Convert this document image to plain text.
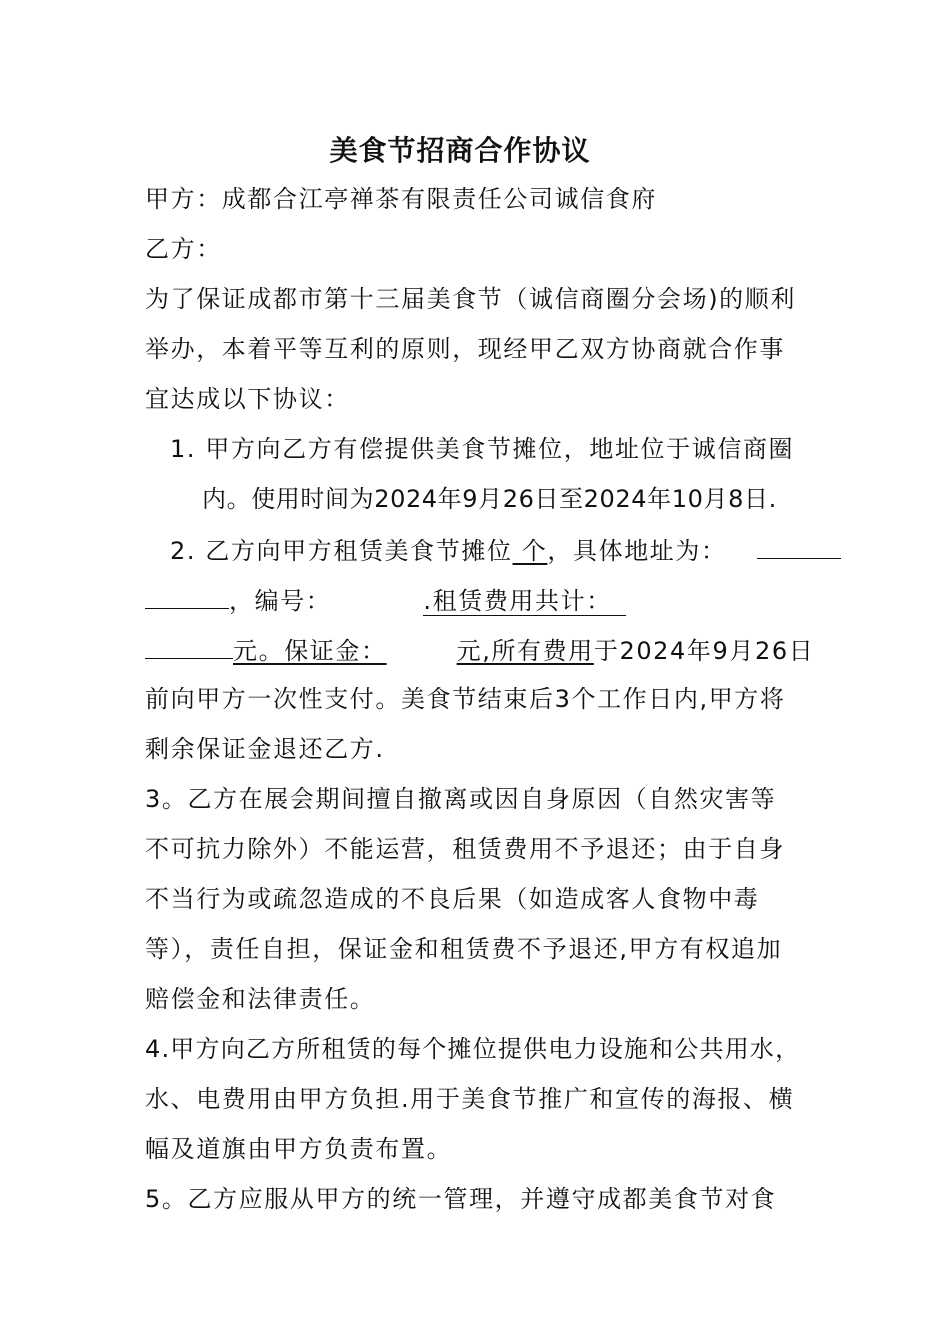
美食节招商合作协议
甲方：成都合江亭禅茶有限责任公司诚信食府
乙方：
为了保证成都市第十三届美食节（诚信商圈分会场)的顺利
举办，本着平等互利的原则，现经甲乙双方协商就合作事
宜达成以下协议：
1. 甲方向乙方有偿提供美食节摊位，地址位于诚信商圈
内。使用时间为2024年9月26日至2024年10月8日.
2. 乙方向甲方租赁美食节摊位 个，具体地址为：
，编号：	.租赁费用共计：
元。保证金：	元,所有费用于2024年9月26日
前向甲方一次性支付。美食节结束后3个工作日内,甲方将
剩余保证金退还乙方.
3。乙方在展会期间擅自撤离或因自身原因（自然灾害等
不可抗力除外）不能运营，租赁费用不予退还；由于自身
不当行为或疏忽造成的不良后果（如造成客人食物中毒
等），责任自担，保证金和租赁费不予退还,甲方有权追加
赔偿金和法律责任。
4.甲方向乙方所租赁的每个摊位提供电力设施和公共用水，
水、电费用由甲方负担.用于美食节推广和宣传的海报、横
幅及道旗由甲方负责布置。
5。乙方应服从甲方的统一管理，并遵守成都美食节对食
